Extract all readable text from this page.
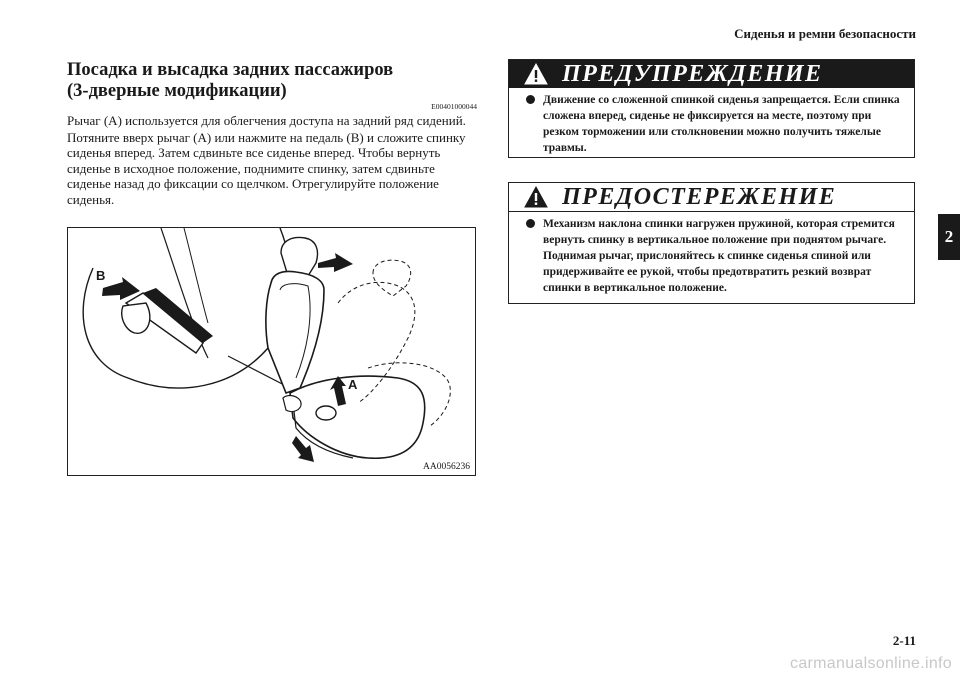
Сиденья и ремни безопасности
2
Посадка и высадка задних пассажиров
(3-дверные модификации)
E00401000044

Рычаг (A) используется для облегчения доступа на задний ряд сидений.

Потяните вверх рычаг (A) или нажмите на педаль (B) и сложите спинку сиденья вперед. Затем сдвиньте все сиденье вперед. Чтобы вернуть сиденье в исходное положение, поднимите спинку, затем сдвиньте сиденье назад до фиксации со щелчком. Отрегулируйте положение сиденья.

B
A
AA0056236
ПРЕДУПРЕЖДЕНИЕ
Движение со сложенной спинкой сиденья запрещается. Если спинка сложена вперед, сиденье не фиксируется на месте, поэтому при резком торможении или столкновении можно получить тяжелые травмы.
ПРЕДОСТЕРЕЖЕНИЕ
Механизм наклона спинки нагружен пружиной, которая стремится вернуть спинку в вертикальное положение при поднятом рычаге. Поднимая рычаг, прислоняйтесь к спинке сиденья спиной или придерживайте ее рукой, чтобы предотвратить резкий возврат спинки в вертикальное положение.
2-11
carmanualsonline.info
